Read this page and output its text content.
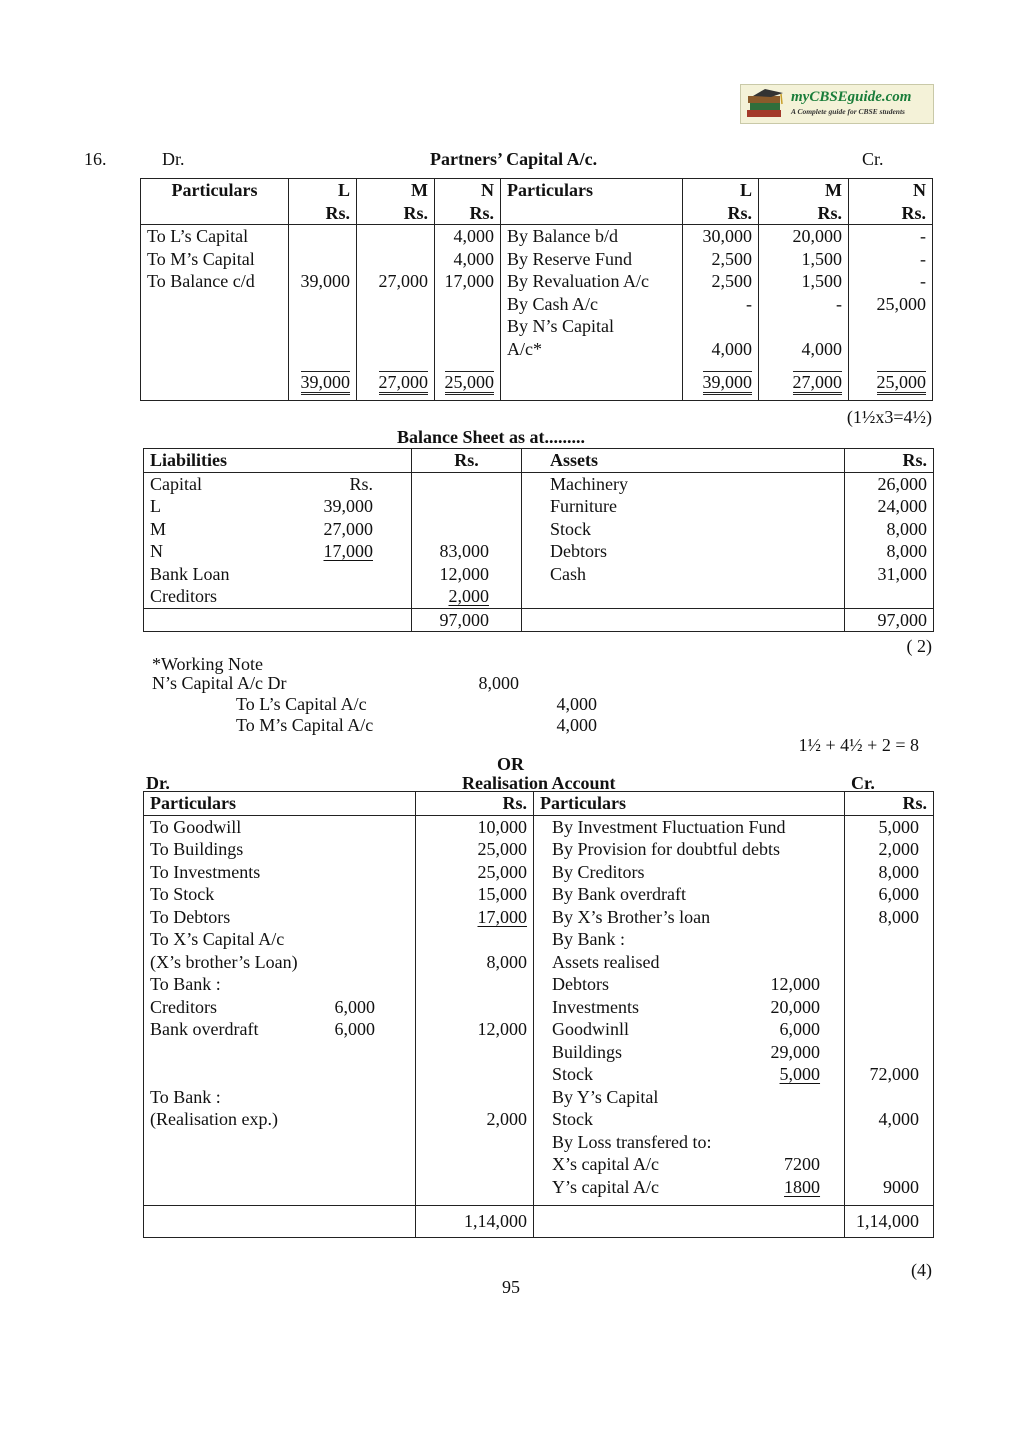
myCBSEguide.com
A Complete guide for CBSE students
16.	Dr.	Partners’ Capital A/c.	Cr.
Particulars	L	M	N	Particulars	L	M	N
	Rs.	Rs.	Rs.		Rs.	Rs.	Rs.
To L’s Capital			4,000	By Balance b/d	30,000	20,000	-
To M’s Capital			4,000	By Reserve Fund	2,500	1,500	-
To Balance c/d	39,000	27,000	17,000	By Revaluation A/c	2,500	1,500	-
				By Cash A/c	-	-	25,000
				By N’s Capital			
				A/c*	4,000	4,000	
	39,000	27,000	25,000		39,000	27,000	25,000
(1½x3=4½)
Balance Sheet as at.........
Liabilities	Rs.	Assets	Rs.
Capital Rs.		Machinery	26,000
L 39,000		Furniture	24,000
M 27,000		Stock	8,000
N 17,000	83,000	Debtors	8,000
Bank Loan	12,000	Cash	31,000
Creditors	2,000		
	97,000		97,000
( 2)
*Working Note
N’s Capital A/c Dr	8,000
To L’s Capital A/c	4,000
To M’s Capital A/c	4,000
1½ + 4½ + 2 = 8
OR
Dr.	Realisation Account	Cr.
Particulars		Rs.	Particulars		Rs.
To Goodwill		10,000	By Investment Fluctuation Fund		5,000
To Buildings		25,000	By Provision for doubtful debts		2,000
To Investments		25,000	By Creditors		8,000
To Stock		15,000	By Bank overdraft		6,000
To Debtors		17,000	By X’s Brother’s loan		8,000
To X’s Capital A/c			By Bank :		
(X’s brother’s Loan)		8,000	Assets realised		
To Bank :			Debtors	12,000	
Creditors	6,000		Investments	20,000	
Bank overdraft	6,000	12,000	Goodwinll	6,000	
			Buildings	29,000	
			Stock	5,000	72,000

To Bank :			By Y’s Capital		
(Realisation exp.)		2,000	Stock		4,000
			By Loss transfered to:		
			X’s capital A/c	7200	
			Y’s capital A/c	1800	9000

		1,14,000			1,14,000
(4)
95
